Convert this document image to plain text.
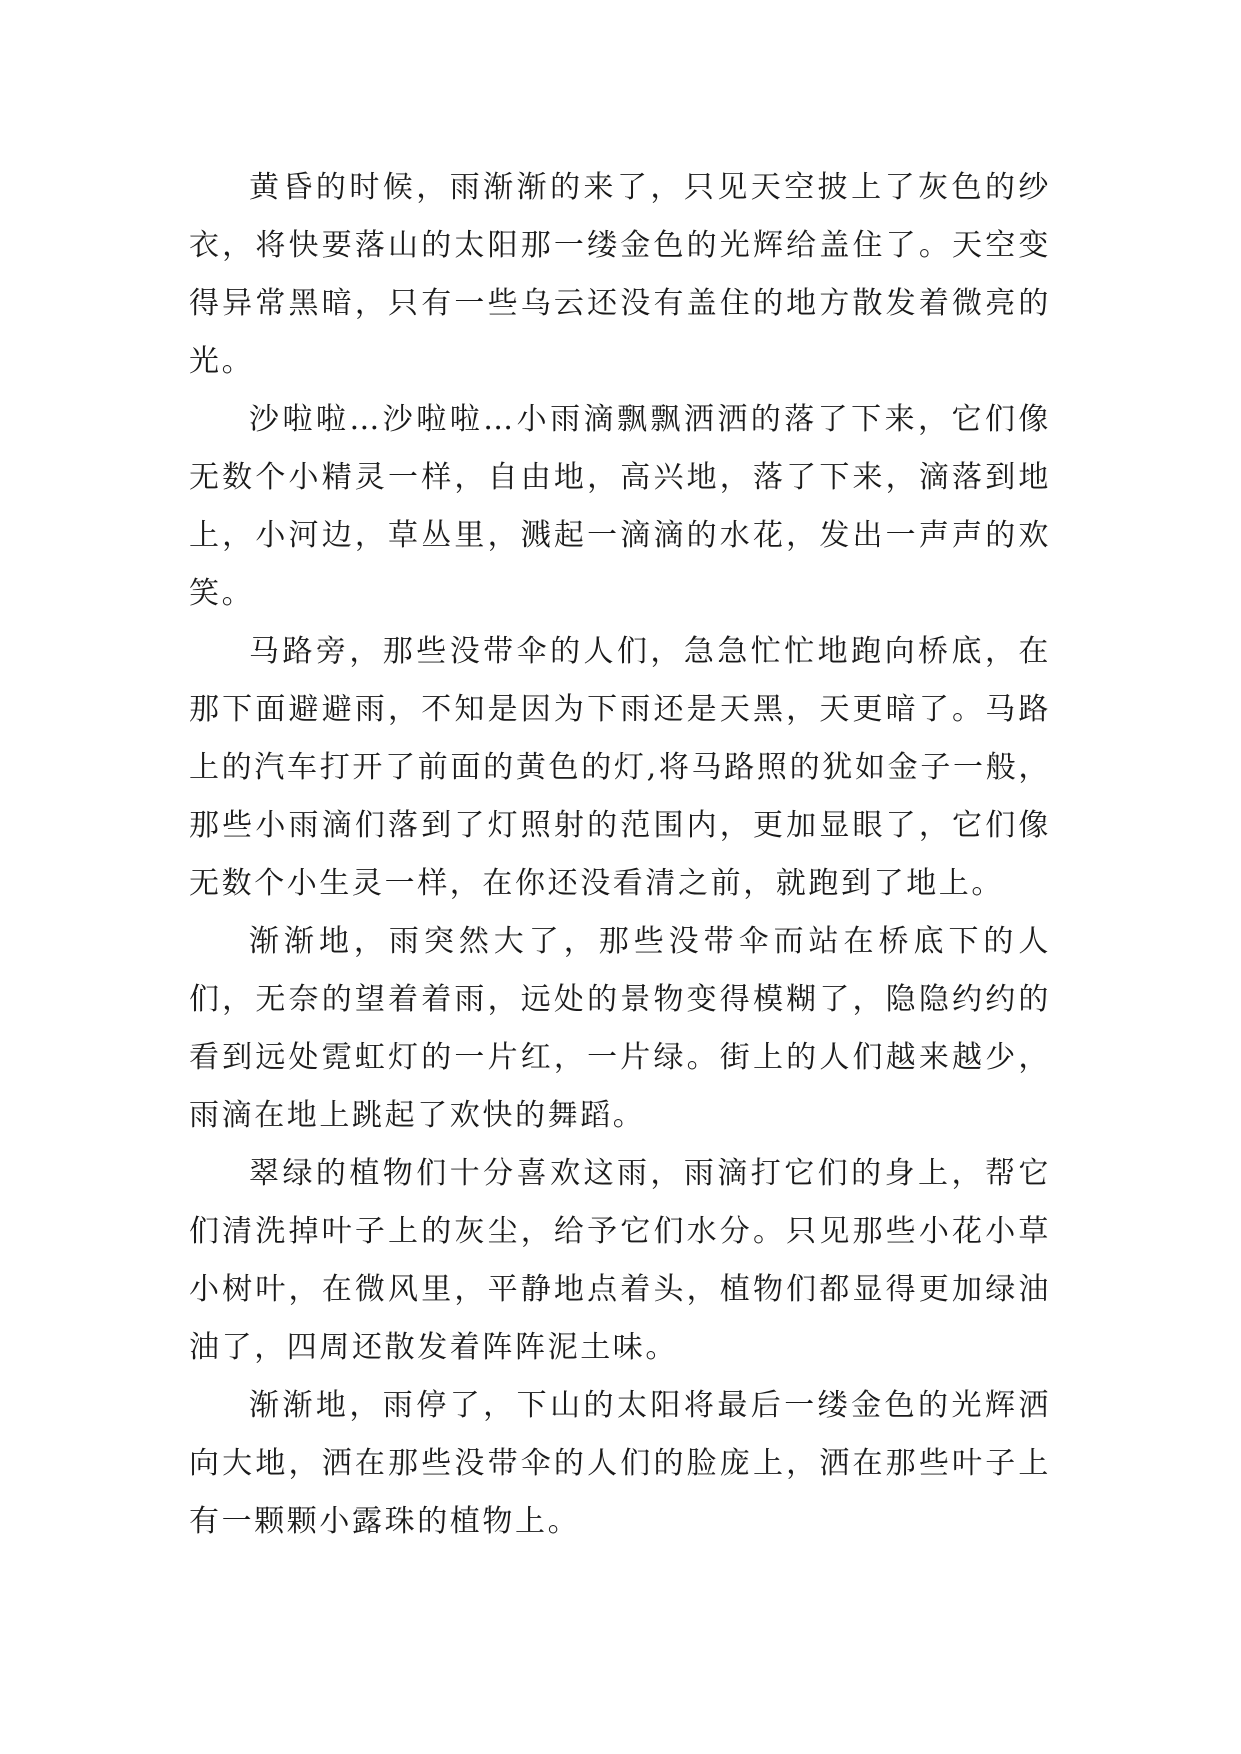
黄昏的时候，雨渐渐的来了，只见天空披上了灰色的纱衣，将快要落山的太阳那一缕金色的光辉给盖住了。天空变得异常黑暗，只有一些乌云还没有盖住的地方散发着微亮的光。

沙啦啦…沙啦啦…小雨滴飘飘洒洒的落了下来，它们像无数个小精灵一样，自由地，高兴地，落了下来，滴落到地上，小河边，草丛里，溅起一滴滴的水花，发出一声声的欢笑。

马路旁，那些没带伞的人们，急急忙忙地跑向桥底，在那下面避避雨，不知是因为下雨还是天黑，天更暗了。马路上的汽车打开了前面的黄色的灯,将马路照的犹如金子一般，那些小雨滴们落到了灯照射的范围内，更加显眼了，它们像无数个小生灵一样，在你还没看清之前，就跑到了地上。

渐渐地，雨突然大了，那些没带伞而站在桥底下的人们，无奈的望着着雨，远处的景物变得模糊了，隐隐约约的看到远处霓虹灯的一片红，一片绿。街上的人们越来越少，雨滴在地上跳起了欢快的舞蹈。

翠绿的植物们十分喜欢这雨，雨滴打它们的身上，帮它们清洗掉叶子上的灰尘，给予它们水分。只见那些小花小草小树叶，在微风里，平静地点着头，植物们都显得更加绿油油了，四周还散发着阵阵泥土味。

渐渐地，雨停了，下山的太阳将最后一缕金色的光辉洒向大地，洒在那些没带伞的人们的脸庞上，洒在那些叶子上有一颗颗小露珠的植物上。
